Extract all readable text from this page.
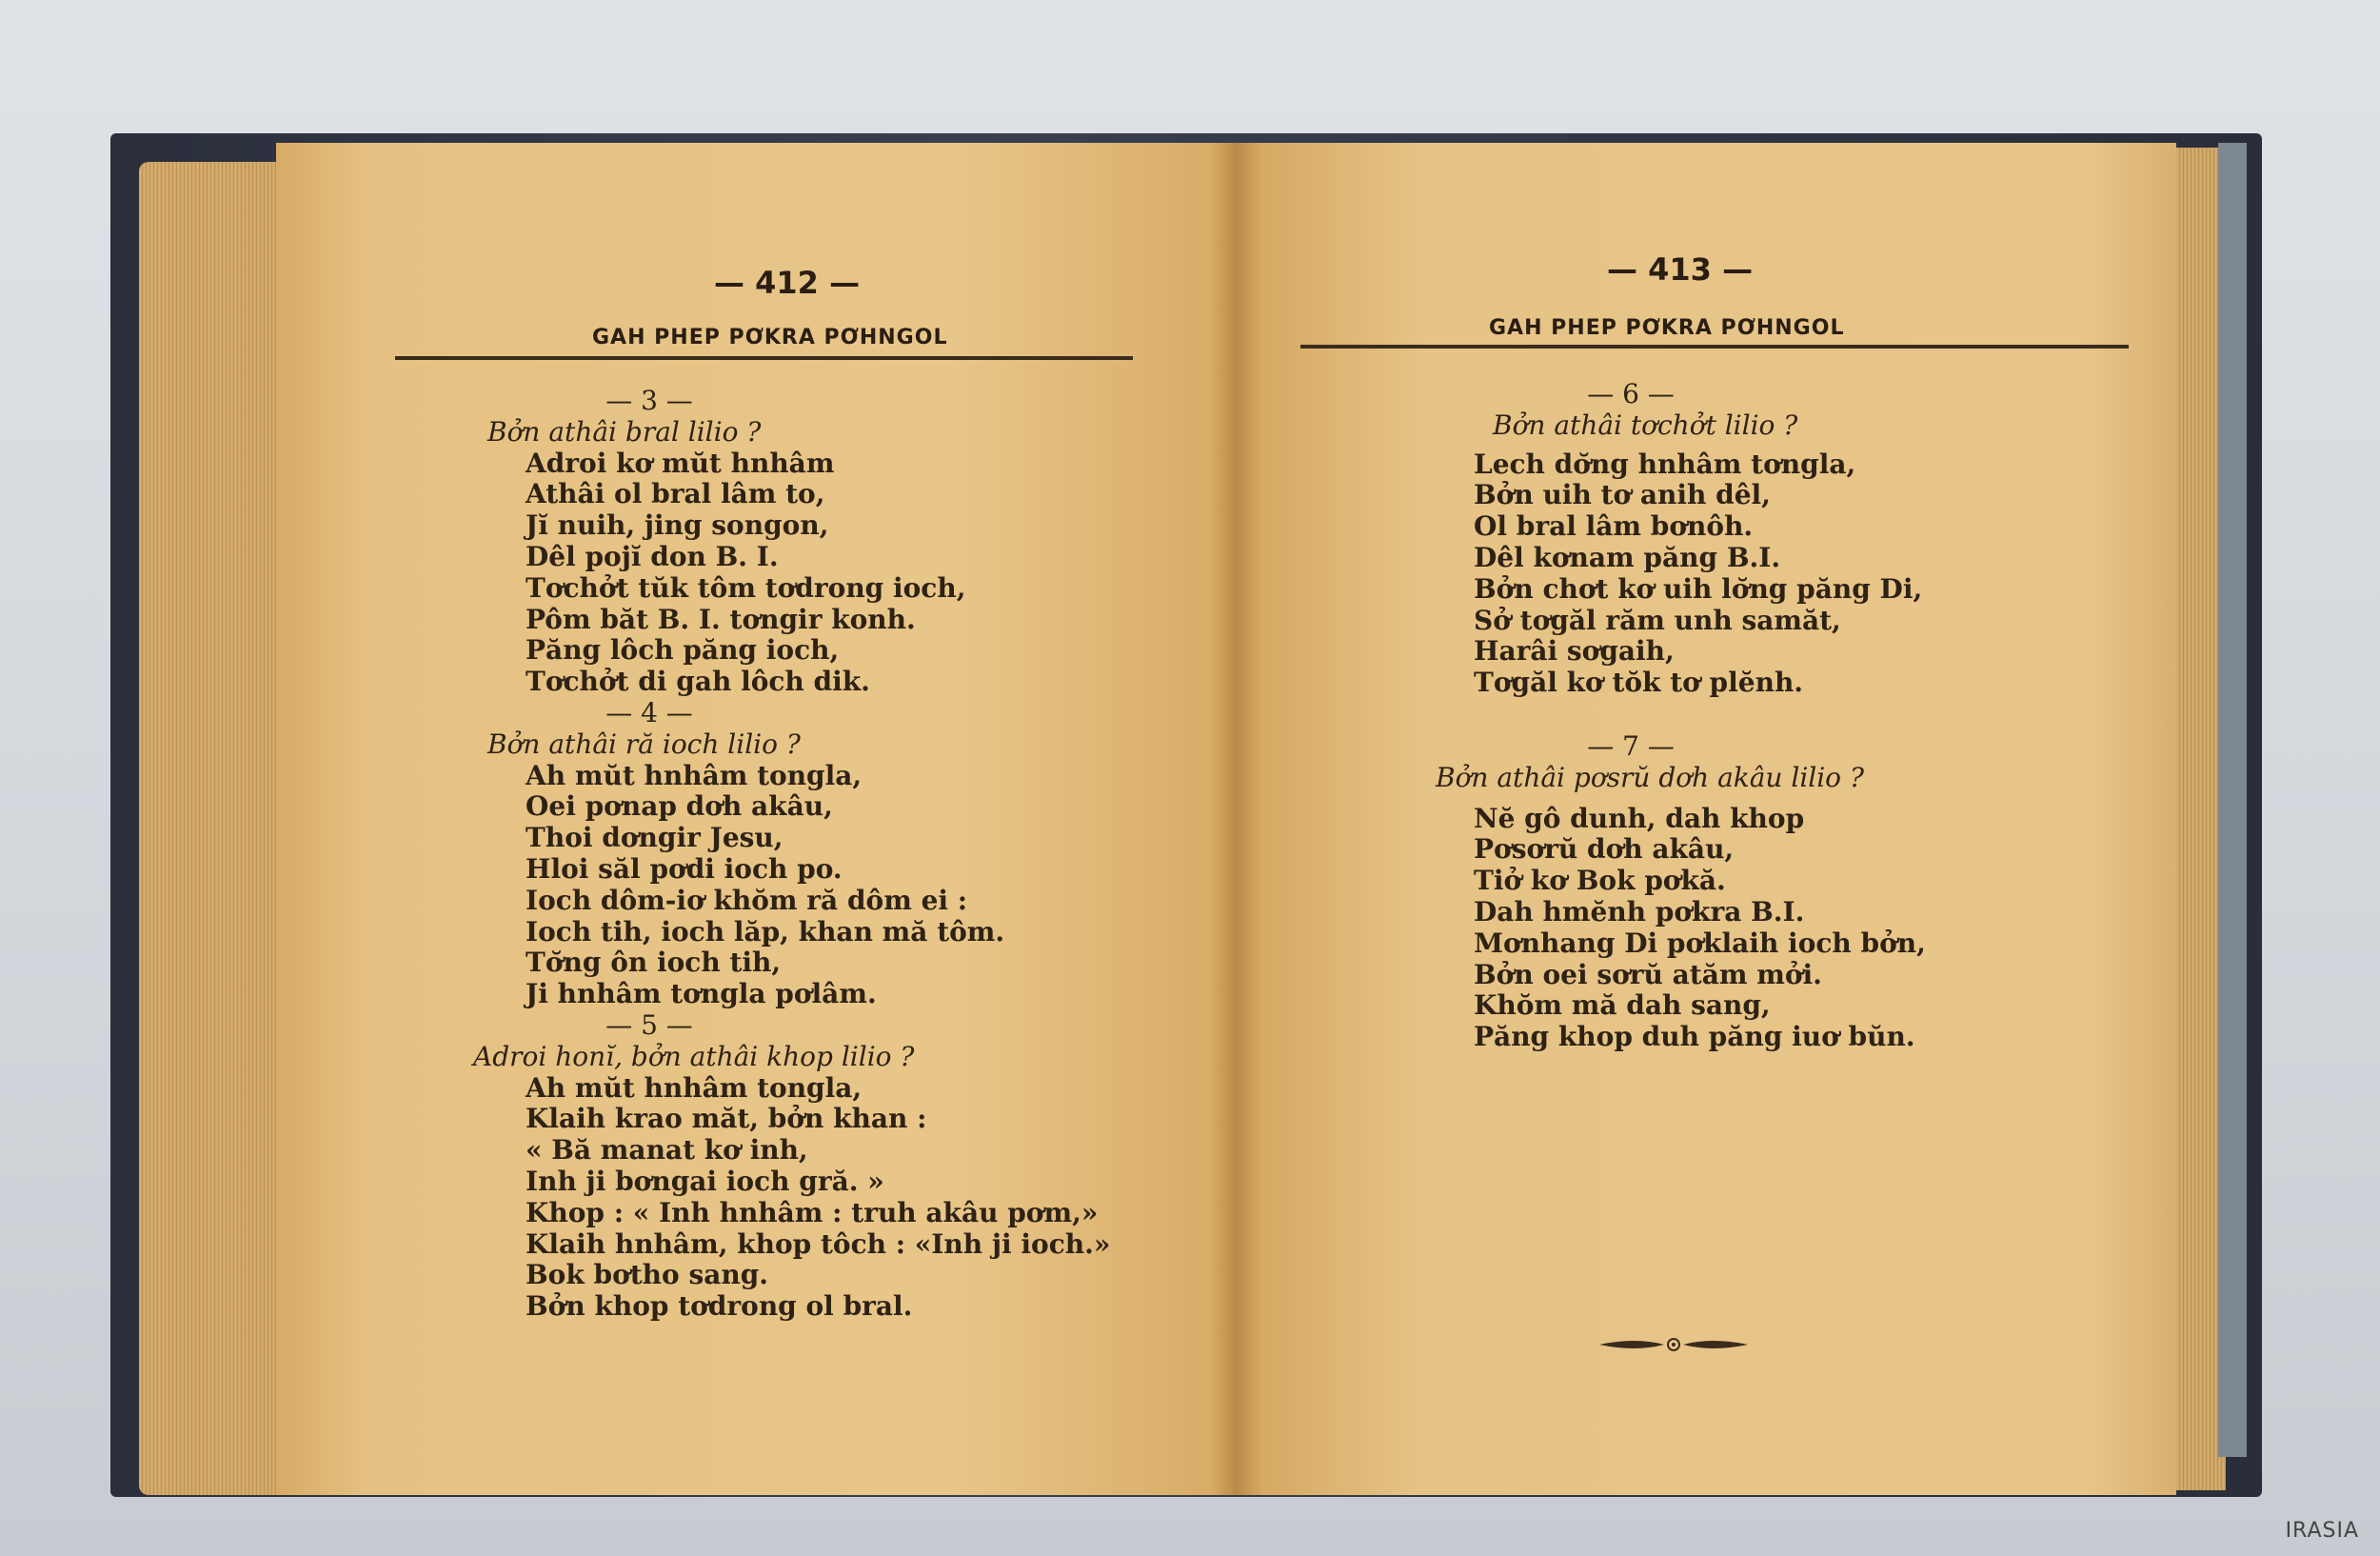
— 412 —
GAH PHEP PƠKRA PƠHNGOL
— 3 —
Bởn athâi bral lilio ?
Adroi kơ mŭt hnhâm
Athâi ol bral lâm to,
Jĭ nuih, jing songon,
Dêl pojĭ don B. I.
Tơchởt tŭk tôm tơdrong ioch,
Pôm băt B. I. tơngir konh.
Păng lôch păng ioch,
Tơchởt di gah lôch dik.
— 4 —
Bởn athâi ră ioch lilio ?
Ah mŭt hnhâm tongla,
Oei pơnap dơh akâu,
Thoi dơngir Jesu,
Hloi săl pơdi ioch po.
Ioch dôm-iơ khŏm ră dôm ei :
Ioch tih, ioch lăp, khan mă tôm.
Tơ̆ng ôn ioch tih,
Ji hnhâm tơngla pơlâm.
— 5 —
Adroi honĭ, bởn athâi khop lilio ?
Ah mŭt hnhâm tongla,
Klaih krao măt, bởn khan :
« Bă manat kơ inh,
Inh ji bơngai ioch gră. »
Khop : « Inh hnhâm : truh akâu pơm,»
Klaih hnhâm, khop tôch : «Inh ji ioch.»
Bok bơtho sang.
Bởn khop tơdrong ol bral.
— 413 —
GAH PHEP PƠKRA PƠHNGOL
— 6 —
Bởn athâi tơchởt lilio ?
Lech dơ̆ng hnhâm tơngla,
Bởn uih tơ anih dêl,
Ol bral lâm bơnôh.
Dêl kơnam păng B.I.
Bởn chơt kơ uih lơ̆ng păng Di,
Sở tơgăl răm unh samăt,
Harâi sơgaih,
Tơgăl kơ tŏk tơ plĕnh.
— 7 —
Bởn athâi pơsrŭ dơh akâu lilio ?
Nĕ gô dunh, dah khop
Pơsơrŭ dơh akâu,
Tiở kơ Bok pơkă.
Dah hmĕnh pơkra B.I.
Mơnhang Di pơklaih ioch bởn,
Bởn oei sơrŭ atăm mởi.
Khŏm mă dah sang,
Păng khop duh păng iuơ bŭn.
IRASIA
